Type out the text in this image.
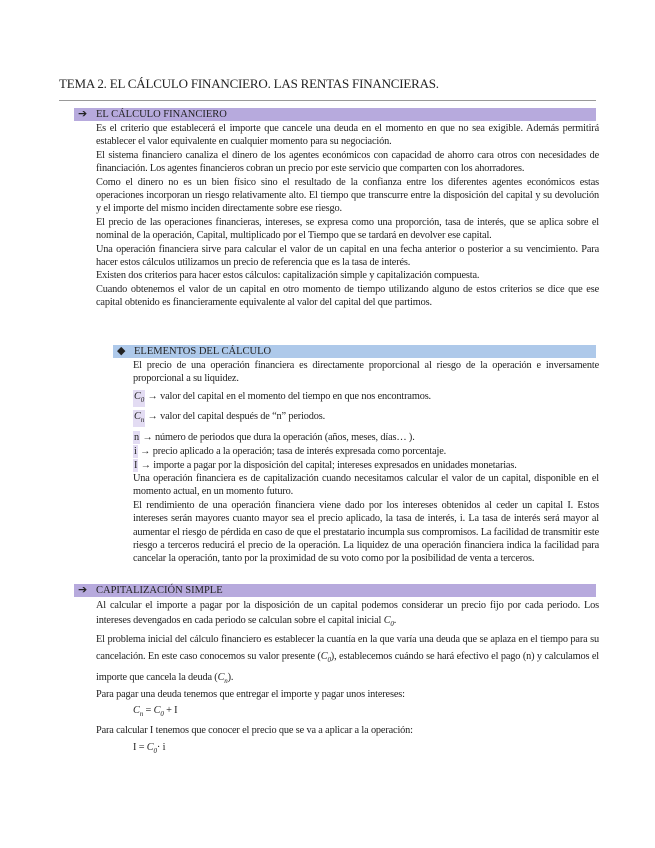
TEMA 2. EL CÁLCULO FINANCIERO. LAS RENTAS FINANCIERAS.
➔ EL CÁLCULO FINANCIERO

Es el criterio que establecerá el importe que cancele una deuda en el momento en que no sea exigible. Además permitirá establecer el valor equivalente en cualquier momento para su negociación.

El sistema financiero canaliza el dinero de los agentes económicos con capacidad de ahorro cara otros con necesidades de financiación. Los agentes financieros cobran un precio por este servicio que comparten con los ahorradores.

Como el dinero no es un bien físico sino el resultado de la confianza entre los diferentes agentes económicos estas operaciones incorporan un riesgo relativamente alto. El tiempo que transcurre entre la disposición del capital y su devolución y el importe del mismo inciden directamente sobre ese riesgo.

El precio de las operaciones financieras, intereses, se expresa como una proporción, tasa de interés, que se aplica sobre el nominal de la operación, Capital, multiplicado por el Tiempo que se tardará en devolver ese capital.

Una operación financiera sirve para calcular el valor de un capital en una fecha anterior o posterior a su vencimiento. Para hacer estos cálculos utilizamos un precio de referencia que es la tasa de interés.

Existen dos criterios para hacer estos cálculos: capitalización simple y capitalización compuesta.

Cuando obtenemos el valor de un capital en otro momento de tiempo utilizando alguno de estos criterios se dice que ese capital obtenido es financieramente equivalente al valor del capital del que partimos.

◆ ELEMENTOS DEL CÁLCULO
El precio de una operación financiera es directamente proporcional al riesgo de la operación e inversamente proporcional a su liquidez.
$C_0$ → valor del capital en el momento del tiempo en que nos encontramos.
$C_n$ → valor del capital después de “n” periodos.
n → número de periodos que dura la operación (años, meses, días… ).
i → precio aplicado a la operación; tasa de interés expresada como porcentaje.
I → importe a pagar por la disposición del capital; intereses expresados en unidades monetarias.

Una operación financiera es de capitalización cuando necesitamos calcular el valor de un capital, disponible en el momento actual, en un momento futuro.

El rendimiento de una operación financiera viene dado por los intereses obtenidos al ceder un capital I. Estos intereses serán mayores cuanto mayor sea el precio aplicado, la tasa de interés, i. La tasa de interés será mayor al aumentar el riesgo de pérdida en caso de que el prestatario incumpla sus compromisos. La facilidad de transmitir este riesgo a terceros reducirá el precio de la operación. La liquidez de una operación financiera indica la facilidad para cancelar la operación, tanto por la proximidad de su voto como por la posibilidad de venta a terceros.

➔ CAPITALIZACIÓN SIMPLE
Al calcular el importe a pagar por la disposición de un capital podemos considerar un precio fijo por cada periodo. Los intereses devengados en cada periodo se calculan sobre el capital inicial $C_0$.
El problema inicial del cálculo financiero es establecer la cuantía en la que varía una deuda que se aplaza en el tiempo para su cancelación. En este caso conocemos su valor presente $(C_0)$, establecemos cuándo se hará efectivo el pago (n) y calculamos el importe que cancela la deuda $(C_n)$.
Para pagar una deuda tenemos que entregar el importe y pagar unos intereses:
$C_n = C_0 + I$
Para calcular I tenemos que conocer el precio que se va a aplicar a la operación:
$I = C_0\cdot i$
